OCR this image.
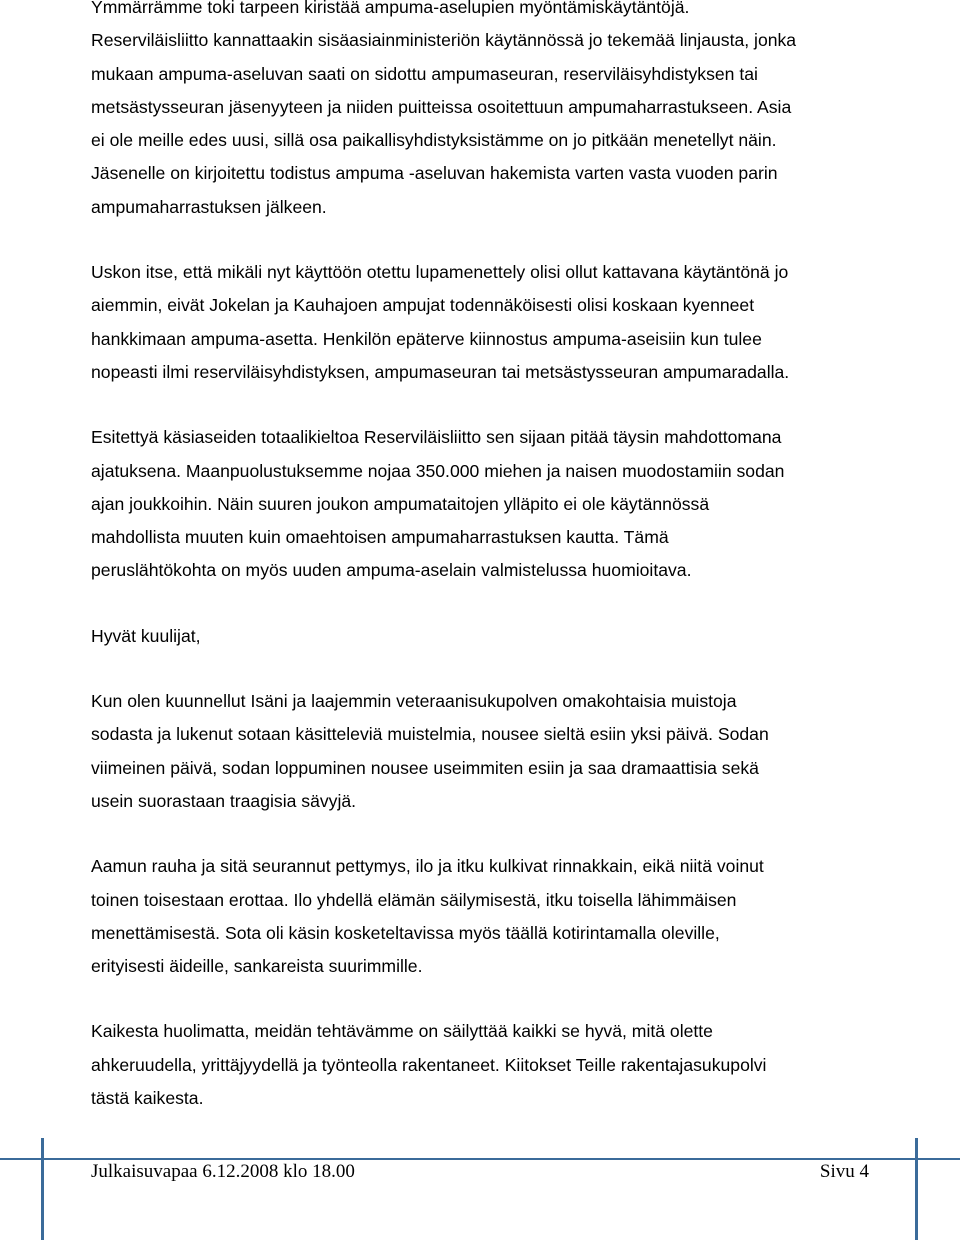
Ymmärrämme toki tarpeen kiristää ampuma-aselupien myöntämiskäytäntöjä.
Reserviläisliitto kannattaakin sisäasiainministeriön käytännössä jo tekemää linjausta, jonka
mukaan ampuma-aseluvan saati on sidottu ampumaseuran, reserviläisyhdistyksen tai
metsästysseuran jäsenyyteen ja niiden puitteissa osoitettuun ampumaharrastukseen. Asia
ei ole meille edes uusi, sillä osa paikallisyhdistyksistämme on jo pitkään menetellyt näin.
Jäsenelle on kirjoitettu todistus ampuma -aseluvan hakemista varten vasta vuoden parin
ampumaharrastuksen jälkeen.

Uskon itse, että mikäli nyt käyttöön otettu lupamenettely olisi ollut kattavana käytäntönä jo
aiemmin, eivät Jokelan ja Kauhajoen ampujat todennäköisesti olisi koskaan kyenneet
hankkimaan ampuma-asetta. Henkilön epäterve kiinnostus ampuma-aseisiin kun tulee
nopeasti ilmi reserviläisyhdistyksen, ampumaseuran tai metsästysseuran ampumaradalla.

Esitettyä käsiaseiden totaalikieltoa Reserviläisliitto sen sijaan pitää täysin mahdottomana
ajatuksena. Maanpuolustuksemme nojaa 350.000 miehen ja naisen muodostamiin sodan
ajan joukkoihin. Näin suuren joukon ampumataitojen ylläpito ei ole käytännössä
mahdollista muuten kuin omaehtoisen ampumaharrastuksen kautta. Tämä
peruslähtökohta on myös uuden ampuma-aselain valmistelussa huomioitava.

Hyvät kuulijat,

Kun olen kuunnellut Isäni ja laajemmin veteraanisukupolven omakohtaisia muistoja
sodasta ja lukenut sotaan käsitteleviä muistelmia, nousee sieltä esiin yksi päivä. Sodan
viimeinen päivä, sodan loppuminen nousee useimmiten esiin ja saa dramaattisia sekä
usein suorastaan traagisia sävyjä.

Aamun rauha ja sitä seurannut pettymys, ilo ja itku kulkivat rinnakkain, eikä niitä voinut
toinen toisestaan erottaa. Ilo yhdellä elämän säilymisestä, itku toisella lähimmäisen
menettämisestä. Sota oli käsin kosketeltavissa myös täällä kotirintamalla oleville,
erityisesti äideille, sankareista suurimmille.

Kaikesta huolimatta, meidän tehtävämme on säilyttää kaikki se hyvä, mitä olette
ahkeruudella, yrittäjyydellä ja työnteolla rakentaneet. Kiitokset Teille rakentajasukupolvi
tästä kaikesta.

Julkaisuvapaa 6.12.2008 klo 18.00	Sivu 4
